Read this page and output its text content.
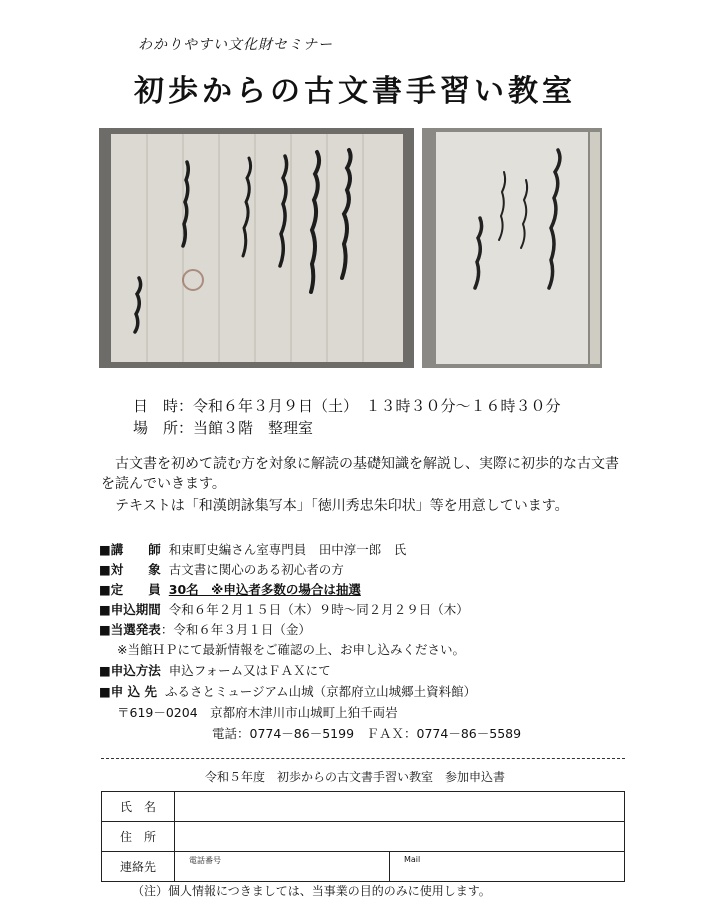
わかりやすい文化財セミナー
初歩からの古文書手習い教室
日　時：令和６年３月９日（土）　１３時３０分～１６時３０分
場　所：当館３階　整理室
古文書を初めて読む方を対象に解読の基礎知識を解説し、実際に初歩的な古文書を読んでいきます。
テキストは「和漢朗詠集写本」「徳川秀忠朱印状」等を用意しています。
■講　　師 和束町史編さん室専門員　田中淳一郎　氏
■対　　象 古文書に関心のある初心者の方
■定　　員 30名　※申込者多数の場合は抽選
■申込期間 令和６年２月１５日（木）９時～同２月２９日（木）
■当選発表：令和６年３月１日（金）
※当館ＨＰにて最新情報をご確認の上、お申し込みください。
■申込方法 申込フォーム又はＦＡＸにて
■申 込 先 ふるさとミュージアム山城（京都府立山城郷土資料館）
〒619－0204　京都府木津川市山城町上狛千両岩
電話：0774－86－5199　ＦＡＸ：0774－86－5589
令和５年度　初歩からの古文書手習い教室　参加申込書
氏　名		
住　所		
連絡先	電話番号	Mail
（注）個人情報につきましては、当事業の目的のみに使用します。
